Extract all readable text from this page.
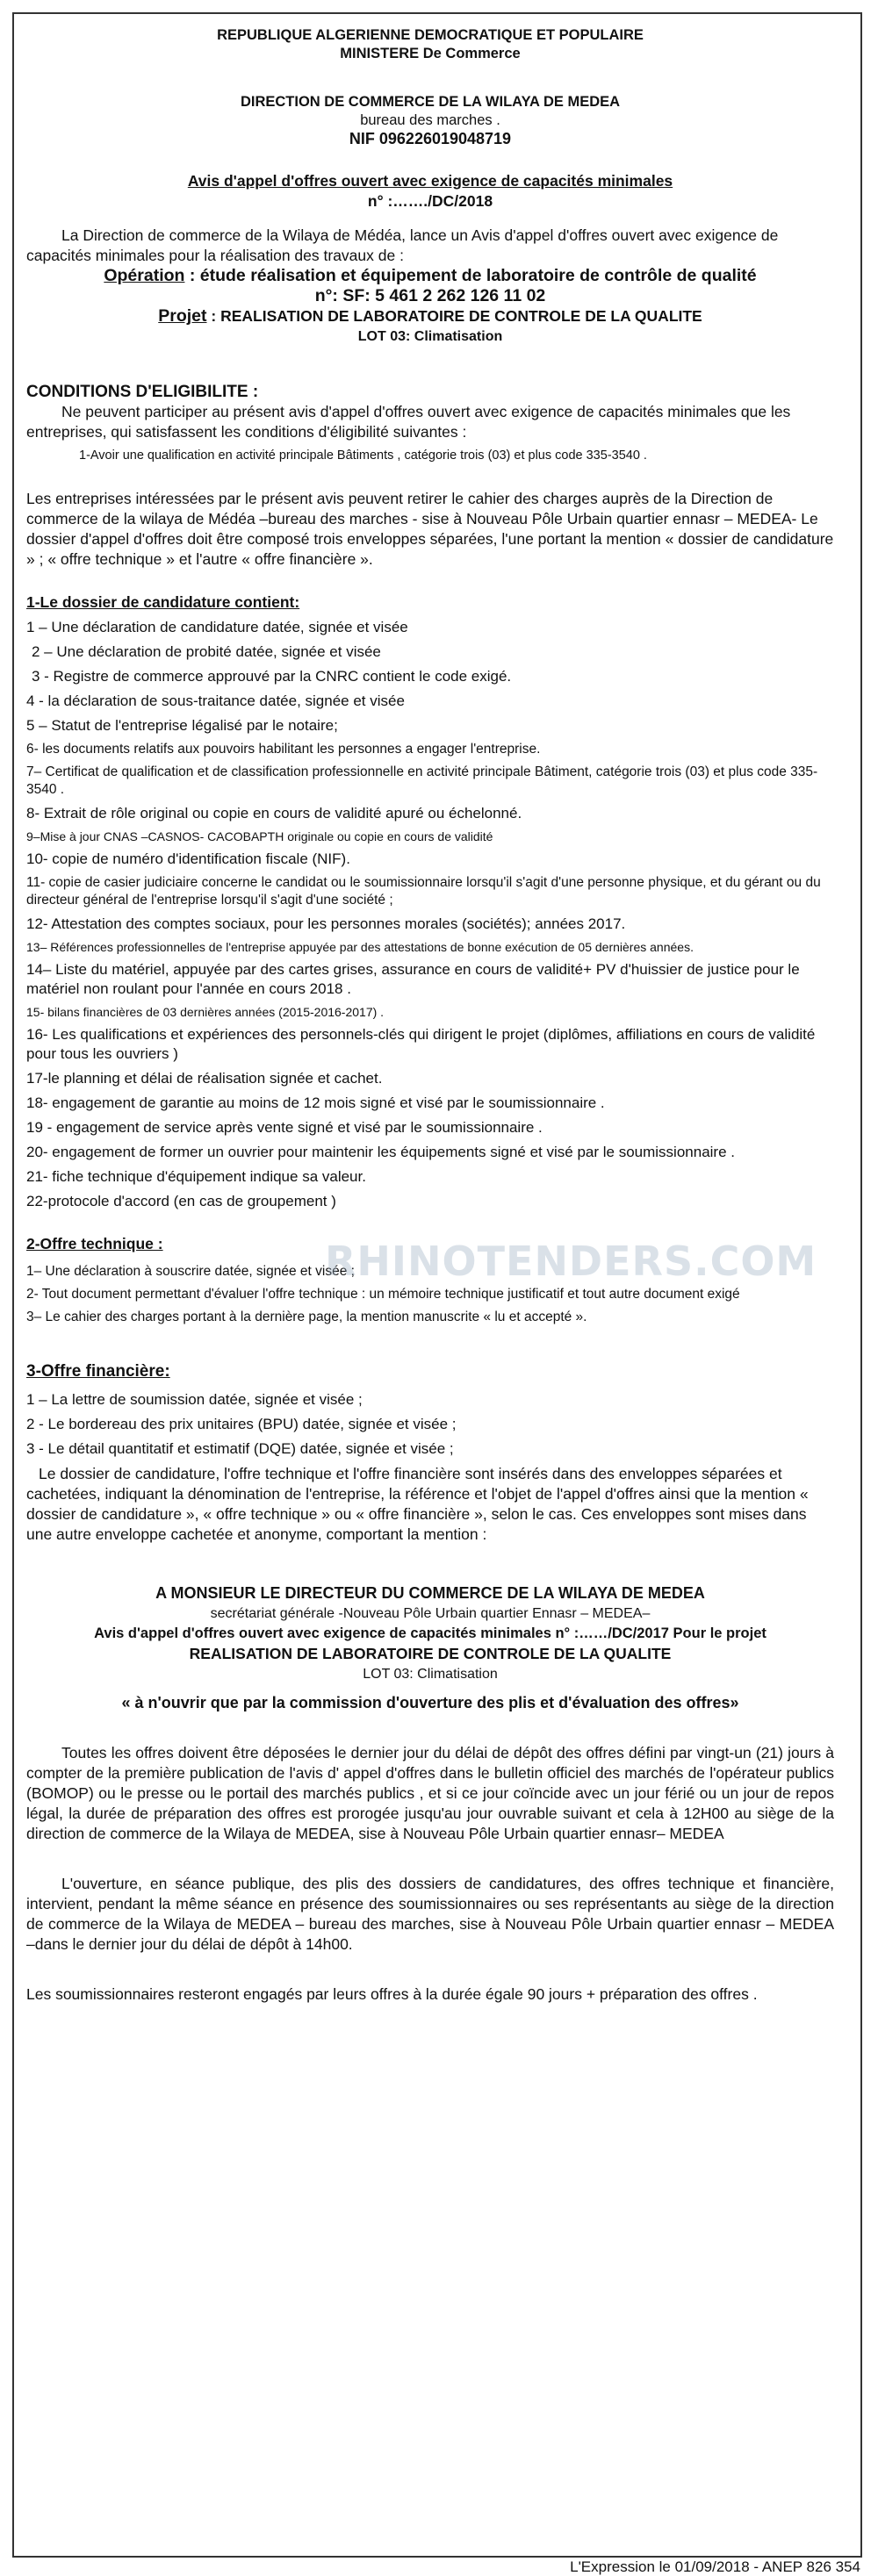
REPUBLIQUE ALGERIENNE DEMOCRATIQUE ET POPULAIRE
MINISTERE De Commerce
DIRECTION DE COMMERCE DE LA WILAYA DE MEDEA
bureau des marches .
NIF 096226019048719
Avis d'appel d'offres ouvert avec exigence de capacités minimales
n° :……./DC/2018

La Direction de commerce de la Wilaya de Médéa, lance un Avis d'appel d'offres ouvert avec exigence de capacités minimales pour la réalisation des travaux de :

Opération : étude réalisation et équipement de laboratoire de contrôle de qualité
n°: SF: 5 461 2 262 126 11 02
Projet : REALISATION DE LABORATOIRE DE CONTROLE DE LA QUALITE
LOT 03: Climatisation
CONDITIONS D'ELIGIBILITE :

Ne peuvent participer au présent avis d'appel d'offres ouvert avec exigence de capacités minimales que les entreprises, qui satisfassent les conditions d'éligibilité suivantes :

1-Avoir une qualification en activité principale Bâtiments , catégorie trois (03) et plus code 335-3540 .

Les entreprises intéressées par le présent avis peuvent retirer le cahier des charges auprès de la Direction de commerce de la wilaya de Médéa –bureau des marches - sise à Nouveau Pôle Urbain quartier ennasr – MEDEA- Le dossier d'appel d'offres doit être composé trois enveloppes séparées, l'une portant la mention « dossier de candidature » ; « offre technique » et l'autre « offre financière ».

1-Le dossier de candidature contient:
1 – Une déclaration de candidature datée, signée et visée
2 – Une déclaration de probité datée, signée et visée
3 - Registre de commerce approuvé par la CNRC contient le code exigé.
4 - la déclaration de sous-traitance datée, signée et visée
5 – Statut de l'entreprise légalisé par le notaire;
6- les documents relatifs aux pouvoirs habilitant les personnes a engager l'entreprise.
7– Certificat de qualification et de classification professionnelle en activité principale Bâtiment, catégorie trois (03) et plus code 335-3540 .
8- Extrait de rôle original ou copie en cours de validité apuré ou échelonné.
9–Mise à jour CNAS –CASNOS- CACOBAPTH originale ou copie en cours de validité
10- copie de numéro d'identification fiscale (NIF).
11- copie de casier judiciaire concerne le candidat ou le soumissionnaire lorsqu'il s'agit d'une personne physique, et du gérant ou du directeur général de l'entreprise lorsqu'il s'agit d'une société ;
12- Attestation des comptes sociaux, pour les personnes morales (sociétés); années 2017.
13– Références professionnelles de l'entreprise appuyée par des attestations de bonne exécution de 05 dernières années.
14– Liste du matériel, appuyée par des cartes grises, assurance en cours de validité+ PV d'huissier de justice pour le matériel non roulant pour l'année en cours 2018 .
15- bilans financières de 03 dernières années (2015-2016-2017) .
16- Les qualifications et expériences des personnels-clés qui dirigent le projet (diplômes, affiliations en cours de validité pour tous les ouvriers )
17-le planning et délai de réalisation signée et cachet.
18- engagement de garantie au moins de 12 mois signé et visé par le soumissionnaire .
19 - engagement de service après vente signé et visé par le soumissionnaire .
20- engagement de former un ouvrier pour maintenir les équipements signé et visé par le soumissionnaire .
21- fiche technique d'équipement indique sa valeur.
22-protocole d'accord (en cas de groupement )
2-Offre technique :
1– Une déclaration à souscrire datée, signée et visée ;
2- Tout document permettant d'évaluer l'offre technique : un mémoire technique justificatif et tout autre document exigé
3– Le cahier des charges portant à la dernière page, la mention manuscrite « lu et accepté ».
3-Offre financière:
1 – La lettre de soumission datée, signée et visée ;
2 - Le bordereau des prix unitaires (BPU) datée, signée et visée ;
3 - Le détail quantitatif et estimatif (DQE) datée, signée et visée ;

Le dossier de candidature, l'offre technique et l'offre financière sont insérés dans des enveloppes séparées et cachetées, indiquant la dénomination de l'entreprise, la référence et l'objet de l'appel d'offres ainsi que la mention « dossier de candidature », « offre technique » ou « offre financière », selon le cas. Ces enveloppes sont mises dans une autre enveloppe cachetée et anonyme, comportant la mention :

A MONSIEUR LE DIRECTEUR DU COMMERCE DE LA WILAYA DE MEDEA
secrétariat générale -Nouveau Pôle Urbain quartier Ennasr – MEDEA–
Avis d'appel d'offres ouvert avec exigence de capacités minimales n° :……/DC/2017 Pour le projet
REALISATION DE LABORATOIRE DE CONTROLE DE LA QUALITE
LOT 03: Climatisation
« à n'ouvrir que par la commission d'ouverture des plis et d'évaluation des offres»

Toutes les offres doivent être déposées le dernier jour du délai de dépôt des offres défini par vingt-un (21) jours à compter de la première publication de l'avis d' appel d'offres dans le bulletin officiel des marchés de l'opérateur publics (BOMOP) ou le presse ou le portail des marchés publics , et si ce jour coïncide avec un jour férié ou un jour de repos légal, la durée de préparation des offres est prorogée jusqu'au jour ouvrable suivant et cela à 12H00 au siège de la direction de commerce de la Wilaya de MEDEA, sise à Nouveau Pôle Urbain quartier ennasr– MEDEA

L'ouverture, en séance publique, des plis des dossiers de candidatures, des offres technique et financière, intervient, pendant la même séance en présence des soumissionnaires ou ses représentants au siège de la direction de commerce de la Wilaya de MEDEA – bureau des marches, sise à Nouveau Pôle Urbain quartier ennasr – MEDEA –dans le dernier jour du délai de dépôt à 14h00.

Les soumissionnaires resteront engagés par leurs offres à la durée égale 90 jours + préparation des offres .

RHINOTENDERS.COM
L'Expression le 01/09/2018 - ANEP 826 354
